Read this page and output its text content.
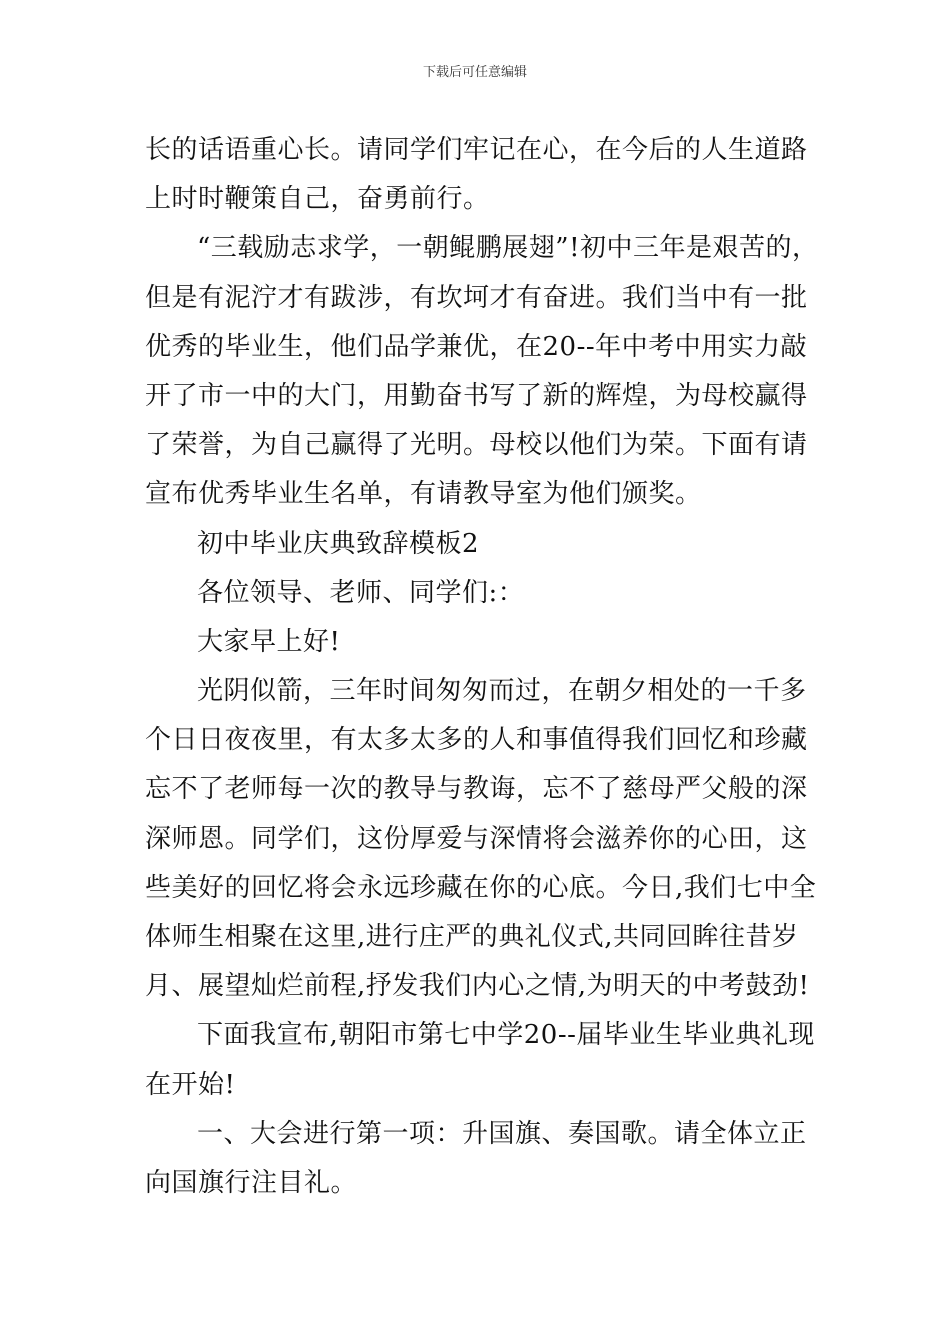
下载后可任意编辑
长的话语重心长。请同学们牢记在心，在今后的人生道路
上时时鞭策自己，奋勇前行。
“三载励志求学，一朝鲲鹏展翅”!初中三年是艰苦的，
但是有泥泞才有跋涉，有坎坷才有奋进。我们当中有一批
优秀的毕业生，他们品学兼优，在20--年中考中用实力敲
开了市一中的大门，用勤奋书写了新的辉煌，为母校赢得
了荣誉，为自己赢得了光明。母校以他们为荣。下面有请
宣布优秀毕业生名单，有请教导室为他们颁奖。
初中毕业庆典致辞模板2
各位领导、老师、同学们:：
大家早上好!
光阴似箭，三年时间匆匆而过，在朝夕相处的一千多
个日日夜夜里，有太多太多的人和事值得我们回忆和珍藏
忘不了老师每一次的教导与教诲，忘不了慈母严父般的深
深师恩。同学们，这份厚爱与深情将会滋养你的心田，这
些美好的回忆将会永远珍藏在你的心底。今日,我们七中全
体师生相聚在这里,进行庄严的典礼仪式,共同回眸往昔岁
月、展望灿烂前程,抒发我们内心之情,为明天的中考鼓劲!
下面我宣布,朝阳市第七中学20--届毕业生毕业典礼现
在开始!
一、大会进行第一项：升国旗、奏国歌。请全体立正
向国旗行注目礼。
